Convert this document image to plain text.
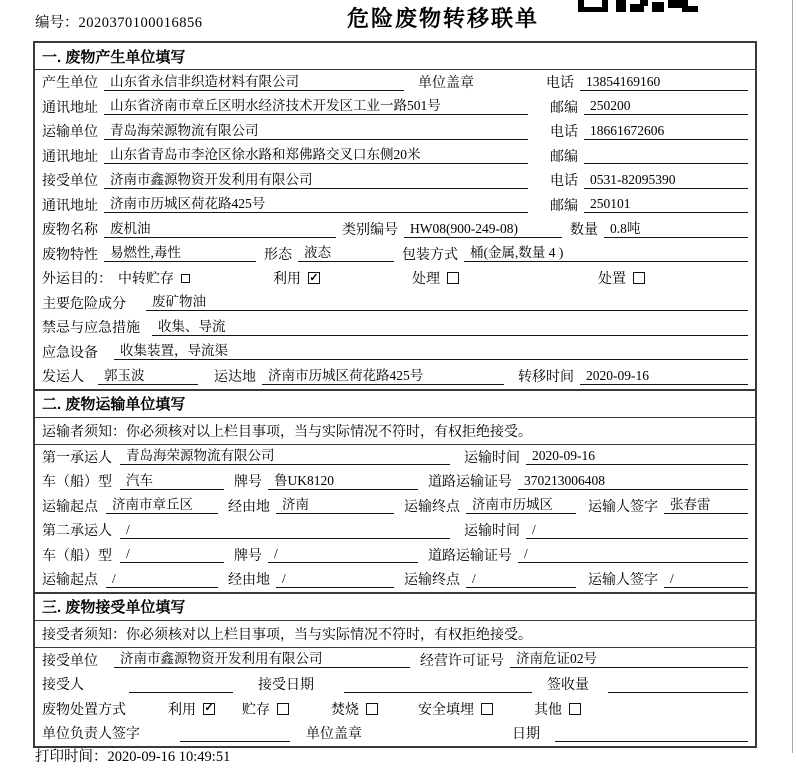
编号：2020370100016856	危险废物转移联单
一. 废物产生单位填写
产生单位 山东省永信非织造材料有限公司	单位盖章	电话 13854169160
通讯地址 山东省济南市章丘区明水经济技术开发区工业一路501号	邮编 250200
运输单位 青岛海荣源物流有限公司	电话 18661672606
通讯地址 山东省青岛市李沧区徐水路和郑佛路交叉口东侧20米	邮编
接受单位 济南市鑫源物资开发利用有限公司	电话 0531-82095390
通讯地址 济南市历城区荷花路425号	邮编 250101
废物名称 废机油	类别编号 HW08(900-249-08)	数量 0.8吨
废物特性 易燃性,毒性	形态 液态	包装方式 桶(金属,数量 4 )
外运目的： 中转贮存	利用 ✓	处理	处置
主要危险成分 废矿物油
禁忌与应急措施 收集、导流
应急设备 收集装置，导流渠
发运人 郭玉波	运达地 济南市历城区荷花路425号	转移时间 2020-09-16
二. 废物运输单位填写
运输者须知：你必须核对以上栏目事项，当与实际情况不符时，有权拒绝接受。
第一承运人 青岛海荣源物流有限公司	运输时间 2020-09-16
车（船）型 汽车	牌号 鲁UK8120	道路运输证号 370213006408
运输起点 济南市章丘区	经由地 济南	运输终点 济南市历城区	运输人签字 张春雷
第二承运人 /	运输时间 /
车（船）型 /	牌号 /	道路运输证号 /
运输起点 /	经由地 /	运输终点 /	运输人签字 /
三. 废物接受单位填写
接受者须知：你必须核对以上栏目事项，当与实际情况不符时，有权拒绝接受。
接受单位 济南市鑫源物资开发利用有限公司	经营许可证号 济南危证02号
接受人	接受日期	签收量
废物处置方式	利用 ✓ 贮存	焚烧	安全填埋	其他
单位负责人签字	单位盖章	日期
打印时间：2020-09-16 10:49:51
